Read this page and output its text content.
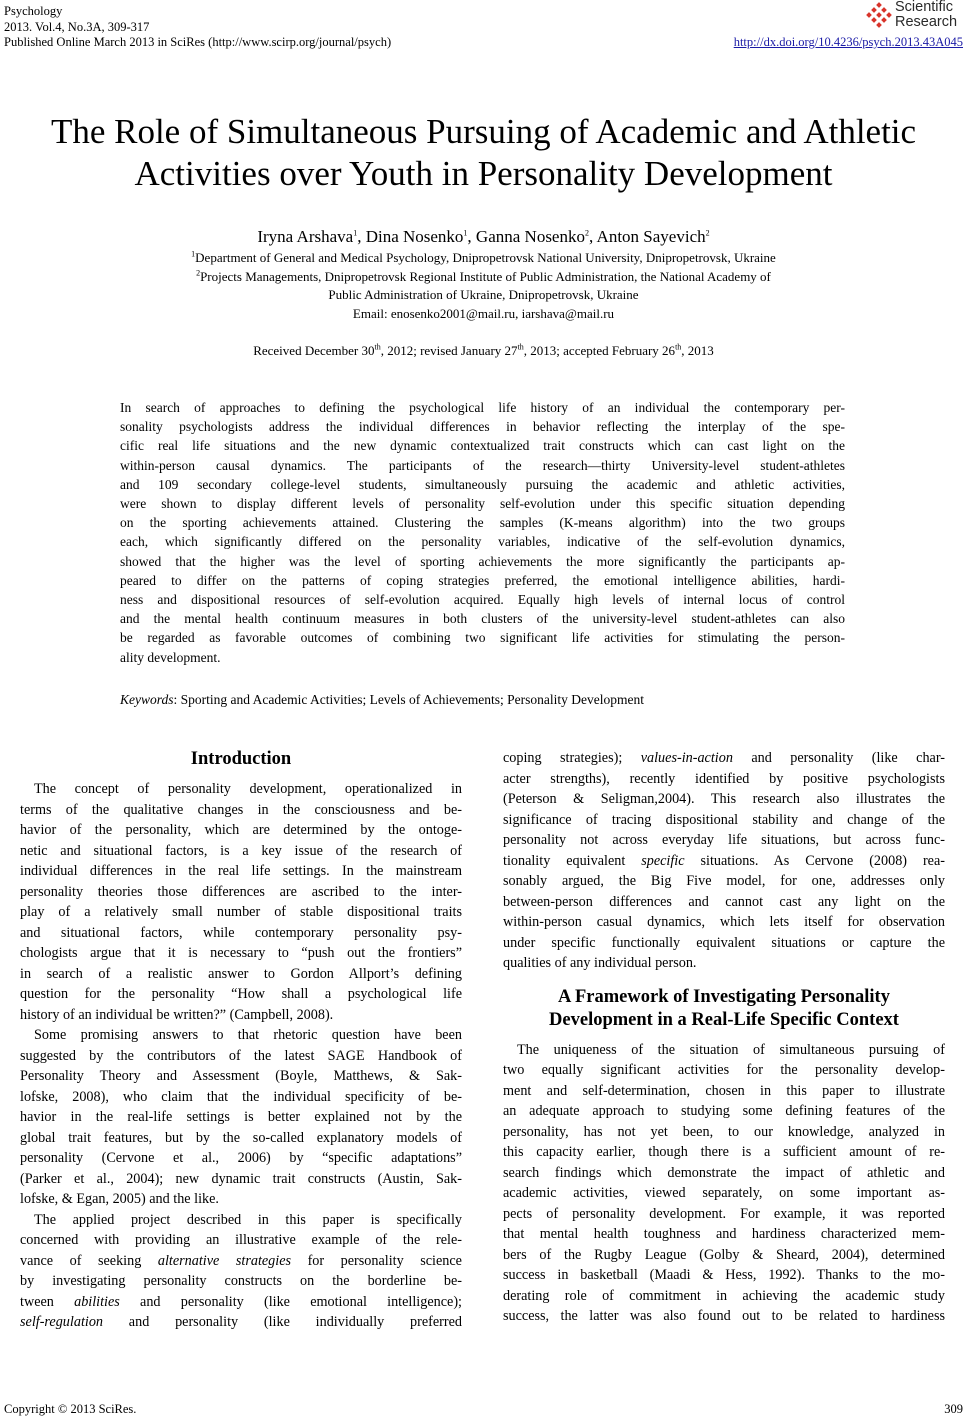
Psychology
2013. Vol.4, No.3A, 309-317
Published Online March 2013 in SciRes (http://www.scirp.org/journal/psych)
Scientific
Research
http://dx.doi.org/10.4236/psych.2013.43A045
The Role of Simultaneous Pursuing of Academic and Athletic
Activities over Youth in Personality Development
Iryna Arshava$^1$, Dina Nosenko$^1$, Ganna Nosenko$^2$, Anton Sayevich$^2$
$^1$Department of General and Medical Psychology, Dnipropetrovsk National University, Dnipropetrovsk, Ukraine
$^2$Projects Managements, Dnipropetrovsk Regional Institute of Public Administration, the National Academy of
Public Administration of Ukraine, Dnipropetrovsk, Ukraine
Email: enosenko2001@mail.ru, iarshava@mail.ru
Received December 30th, 2012; revised January 27th, 2013; accepted February 26th, 2013
In search of approaches to defining the psychological life history of an individual the contemporary per-
sonality psychologists address the individual differences in behavior reflecting the interplay of the spe-
cific real life situations and the new dynamic contextualized trait constructs which can cast light on the
within-person causal dynamics. The participants of the research—thirty University-level student-athletes
and 109 secondary college-level students, simultaneously pursuing the academic and athletic activities,
were shown to display different levels of personality self-evolution under this specific situation depending
on the sporting achievements attained. Clustering the samples (K-means algorithm) into the two groups
each, which significantly differed on the personality variables, indicative of the self-evolution dynamics,
showed that the higher was the level of sporting achievements the more significantly the participants ap-
peared to differ on the patterns of coping strategies preferred, the emotional intelligence abilities, hardi-
ness and dispositional resources of self-evolution acquired. Equally high levels of internal locus of control
and the mental health continuum measures in both clusters of the university-level student-athletes can also
be regarded as favorable outcomes of combining two significant life activities for stimulating the person-
ality development.
Keywords: Sporting and Academic Activities; Levels of Achievements; Personality Development
Introduction
The concept of personality development, operationalized in
terms of the qualitative changes in the consciousness and be-
havior of the personality, which are determined by the ontoge-
netic and situational factors, is a key issue of the research of
individual differences in the real life settings. In the mainstream
personality theories those differences are ascribed to the inter-
play of a relatively small number of stable dispositional traits
and situational factors, while contemporary personality psy-
chologists argue that it is necessary to “push out the frontiers”
in search of a realistic answer to Gordon Allport’s defining
question for the personality “How shall a psychological life
history of an individual be written?” (Campbell, 2008).
Some promising answers to that rhetoric question have been
suggested by the contributors of the latest SAGE Handbook of
Personality Theory and Assessment (Boyle, Matthews, & Sak-
lofske, 2008), who claim that the individual specificity of be-
havior in the real-life settings is better explained not by the
global trait features, but by the so-called explanatory models of
personality (Cervone et al., 2006) by “specific adaptations”
(Parker et al., 2004); new dynamic trait constructs (Austin, Sak-
lofske, & Egan, 2005) and the like.
The applied project described in this paper is specifically
concerned with providing an illustrative example of the rele-
vance of seeking alternative strategies for personality science
by investigating personality constructs on the borderline be-
tween abilities and personality (like emotional intelligence);
self-regulation and personality (like individually preferred
coping strategies); values-in-action and personality (like char-
acter strengths), recently identified by positive psychologists
(Peterson & Seligman,2004). This research also illustrates the
significance of tracing dispositional stability and change of the
personality not across everyday life situations, but across func-
tionality equivalent specific situations. As Cervone (2008) rea-
sonably argued, the Big Five model, for one, addresses only
between-person differences and cannot cast any light on the
within-person casual dynamics, which lets itself for observation
under specific functionally equivalent situations or capture the
qualities of any individual person.
A Framework of Investigating Personality
Development in a Real-Life Specific Context
The uniqueness of the situation of simultaneous pursuing of
two equally significant activities for the personality develop-
ment and self-determination, chosen in this paper to illustrate
an adequate approach to studying some defining features of the
personality, has not yet been, to our knowledge, analyzed in
this capacity earlier, though there is a sufficient amount of re-
search findings which demonstrate the impact of athletic and
academic activities, viewed separately, on some important as-
pects of personality development. For example, it was reported
that mental health toughness and hardiness characterized mem-
bers of the Rugby League (Golby & Sheard, 2004), determined
success in basketball (Maadi & Hess, 1992). Thanks to the mo-
derating role of commitment in achieving the academic study
success, the latter was also found out to be related to hardiness
Copyright © 2013 SciRes.	309
